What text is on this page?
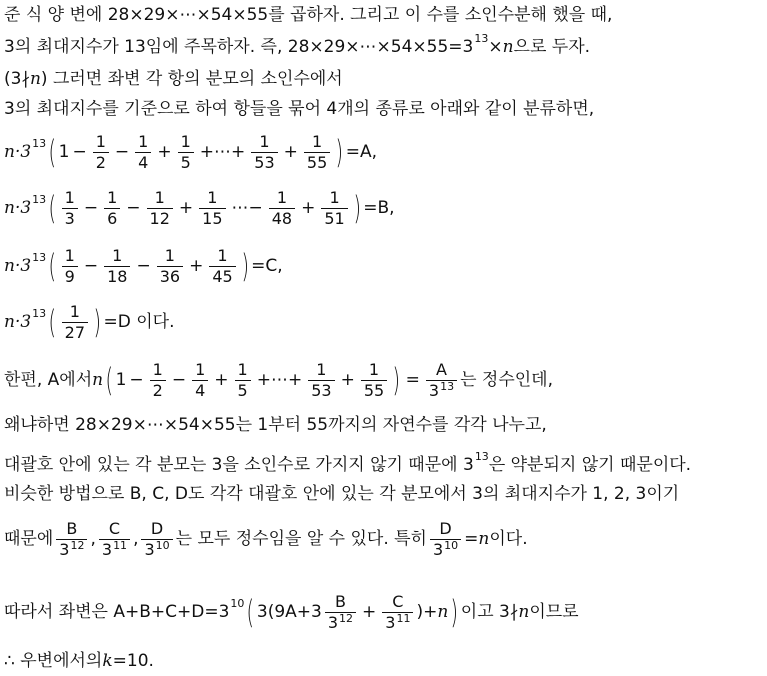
준 식 양 변에 28×29×⋯×54×55를 곱하자. 그리고 이 수를 소인수분해 했을 때,
3의 최대지수가 13임에 주목하자. 즉, 28×29×⋯×54×55=3 13 × n 으로 두자.
(3∤ n ) 그러면 좌변 각 항의 분모의 소인수에서
3의 최대지수를 기준으로 하여 항들을 묶어 4개의 종류로 아래와 같이 분류하면,
n·3 13 ( $1 - \frac{1}{2} - \frac{1}{4} + \frac{1}{5}$ +⋯+ $\frac{1}{53} + \frac{1}{55}$ ) =A,
n·3 13 ( $\frac{1}{3} - \frac{1}{6} - \frac{1}{12} + \frac{1}{15}$ ⋯− $\frac{1}{48} + \frac{1}{51}$ ) =B,
n·3 13 ( $\frac{1}{9} - \frac{1}{18} - \frac{1}{36} + \frac{1}{45}$ ) =C,
n·3 13 ( $\frac{1}{27}$ ) =D 이다.
한편, A에서 n ( $1 - \frac{1}{2} - \frac{1}{4} + \frac{1}{5}$ +⋯+ $\frac{1}{53} + \frac{1}{55}$ ) = $\frac{A}{3^{13}}$ 는 정수인데,
왜냐하면 28×29×⋯×54×55는 1부터 55까지의 자연수를 각각 나누고,
대괄호 안에 있는 각 분모는 3을 소인수로 가지지 않기 때문에 3 13 은 약분되지 않기 때문이다.
비슷한 방법으로 B, C, D도 각각 대괄호 안에 있는 각 분모에서 3의 최대지수가 1, 2, 3이기
때문에 $\frac{B}{3^{12}}$ , $\frac{C}{3^{11}}$ , $\frac{D}{3^{10}}$ 는 모두 정수임을 알 수 있다. 특히 $\frac{D}{3^{10}} = n$ 이다.
따라서 좌변은 A+B+C+D=3 10 ( $3(9A+3 \frac{B}{3^{12}} + \frac{C}{3^{11}}$ )+ n ) 이고 3∤ n 이므로
∴ 우변에서의 k =10.
